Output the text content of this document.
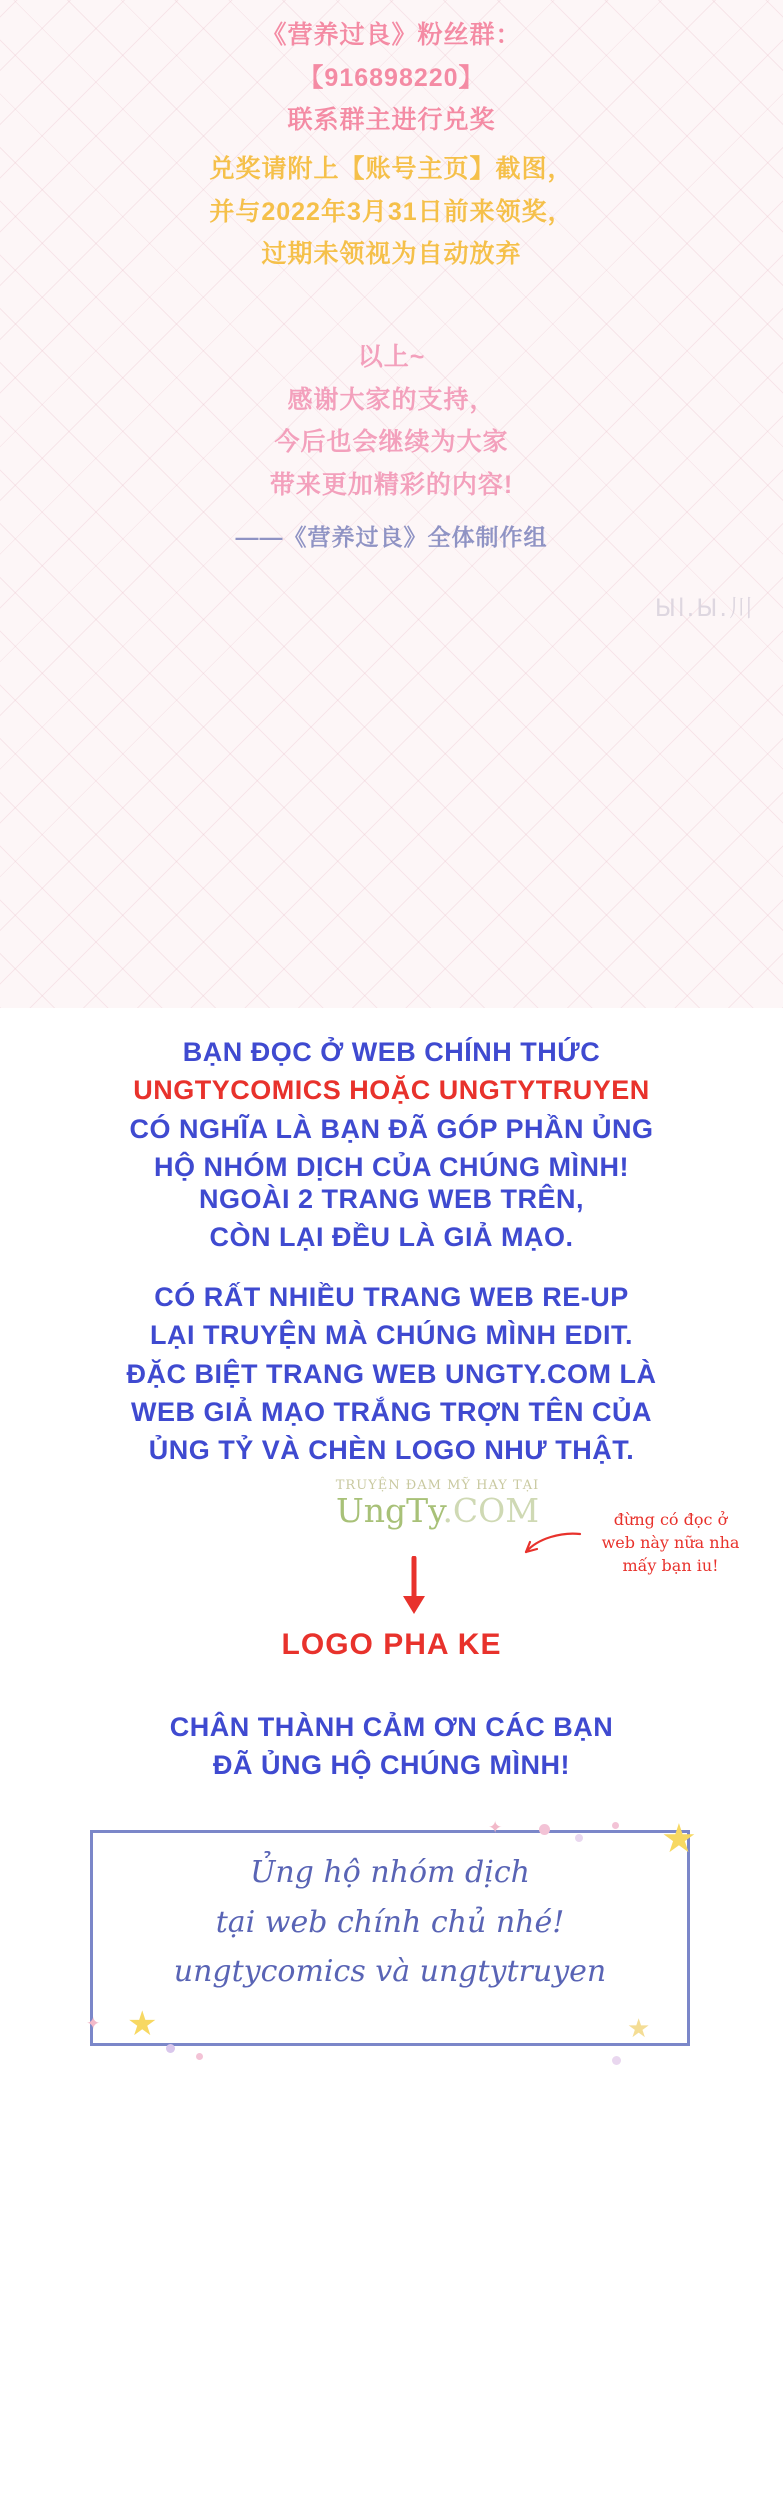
《营养过良》粉丝群：
【916898220】
联系群主进行兑奖
兑奖请附上【账号主页】截图，
并与2022年3月31日前来领奖，
过期未领视为自动放弃
以上~
感谢大家的支持，
今后也会继续为大家
带来更加精彩的内容!
——《营养过良》全体制作组
Ыl.Ы.川
BẠN ĐỌC Ở WEB CHÍNH THỨC
UNGTYCOMICS HOẶC UNGTYTRUYEN
CÓ NGHĨA LÀ BẠN ĐÃ GÓP PHẦN ỦNG
HỘ NHÓM DỊCH CỦA CHÚNG MÌNH!
NGOÀI 2 TRANG WEB TRÊN,
CÒN LẠI ĐỀU LÀ GIẢ MẠO.
CÓ RẤT NHIỀU TRANG WEB RE-UP
LẠI TRUYỆN MÀ CHÚNG MÌNH EDIT.
ĐẶC BIỆT TRANG WEB UNGTY.COM LÀ
WEB GIẢ MẠO TRẮNG TRỢN TÊN CỦA
ỦNG TỶ VÀ CHÈN LOGO NHƯ THẬT.
TRUYỆN ĐAM MỸ HAY TẠI
UngTy.COM	đừng có đọc ở
web này nữa nha
mấy bạn iu!
LOGO PHA KE
CHÂN THÀNH CẢM ƠN CÁC BẠN
ĐÃ ỦNG HỘ CHÚNG MÌNH!
★
★	★
✦
✦
Ủng hộ nhóm dịch
tại web chính chủ nhé!
ungtycomics và ungtytruyen
